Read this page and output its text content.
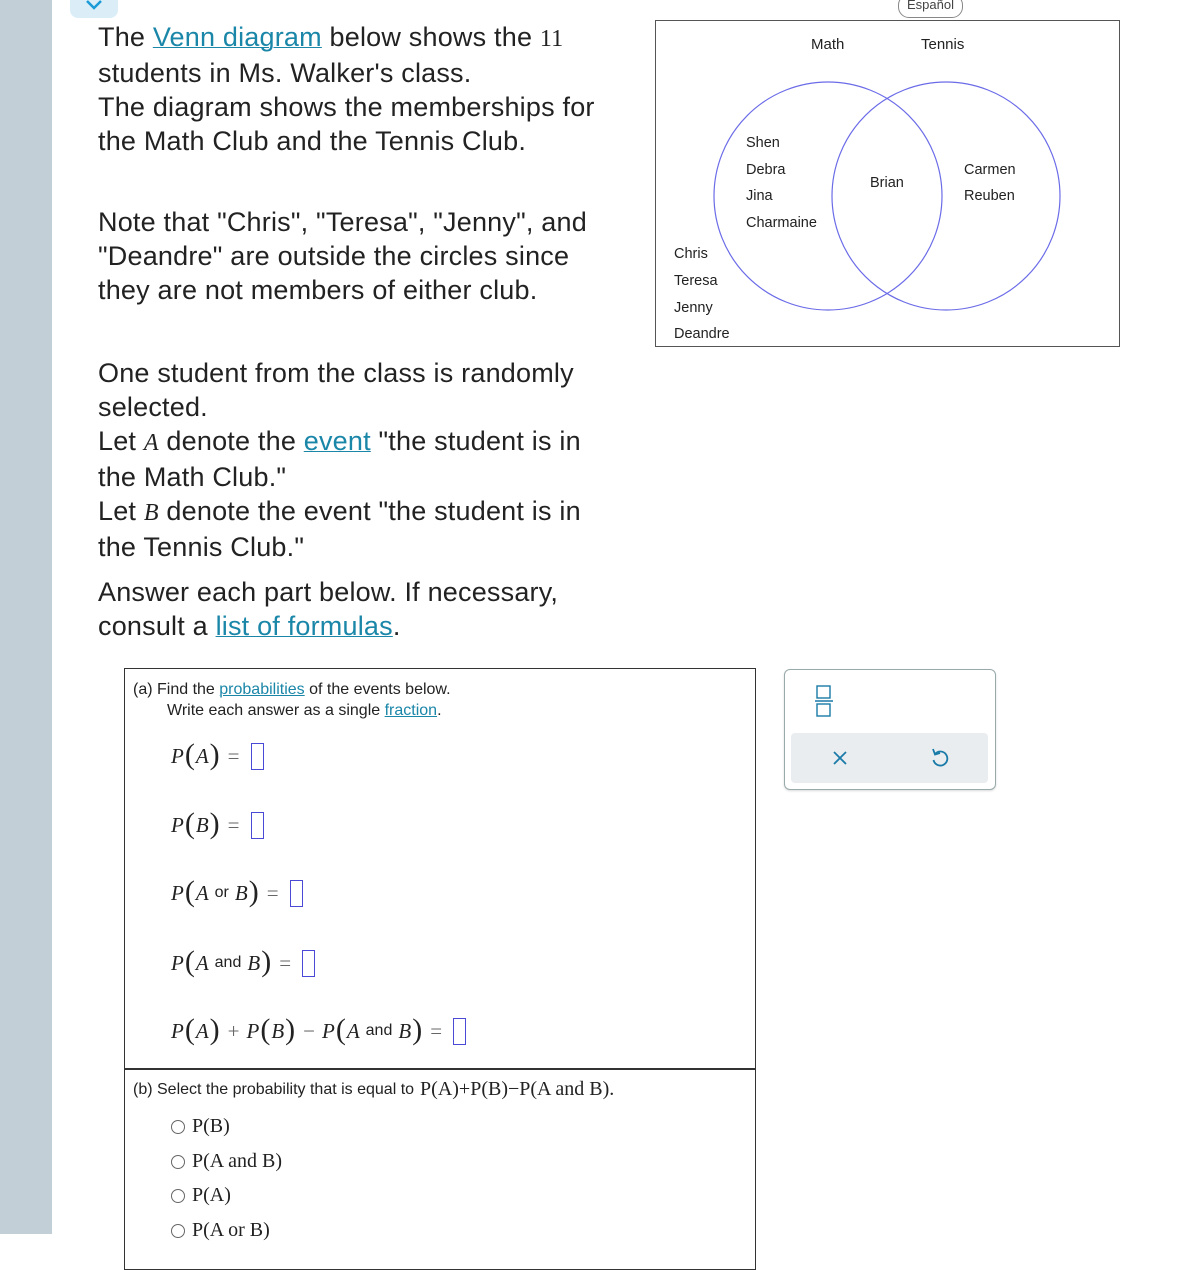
Español

The Venn diagram below shows the 11 students in Ms. Walker's class.

The diagram shows the memberships for the Math Club and the Tennis Club.

Note that "Chris", "Teresa", "Jenny", and "Deandre" are outside the circles since they are not members of either club.

One student from the class is randomly selected.

Let A denote the event "the student is in the Math Club."

Let B denote the event "the student is in the Tennis Club."

Answer each part below. If necessary, consult a list of formulas.

Math	Tennis
Shen
Debra
Jina
Charmaine
Brian
Carmen
Reuben
Chris
Teresa
Jenny
Deandre
(a) Find the probabilities of the events below.
Write each answer as a single fraction.
P ( A ) =
P ( B ) =
P ( A or B ) =
P ( A and B ) =
P ( A ) + P ( B ) − P ( A and B ) =
(b) Select the probability that is equal to P(A)+P(B)−P(A and B).
P(B)
P(A and B)
P(A)
P(A or B)
